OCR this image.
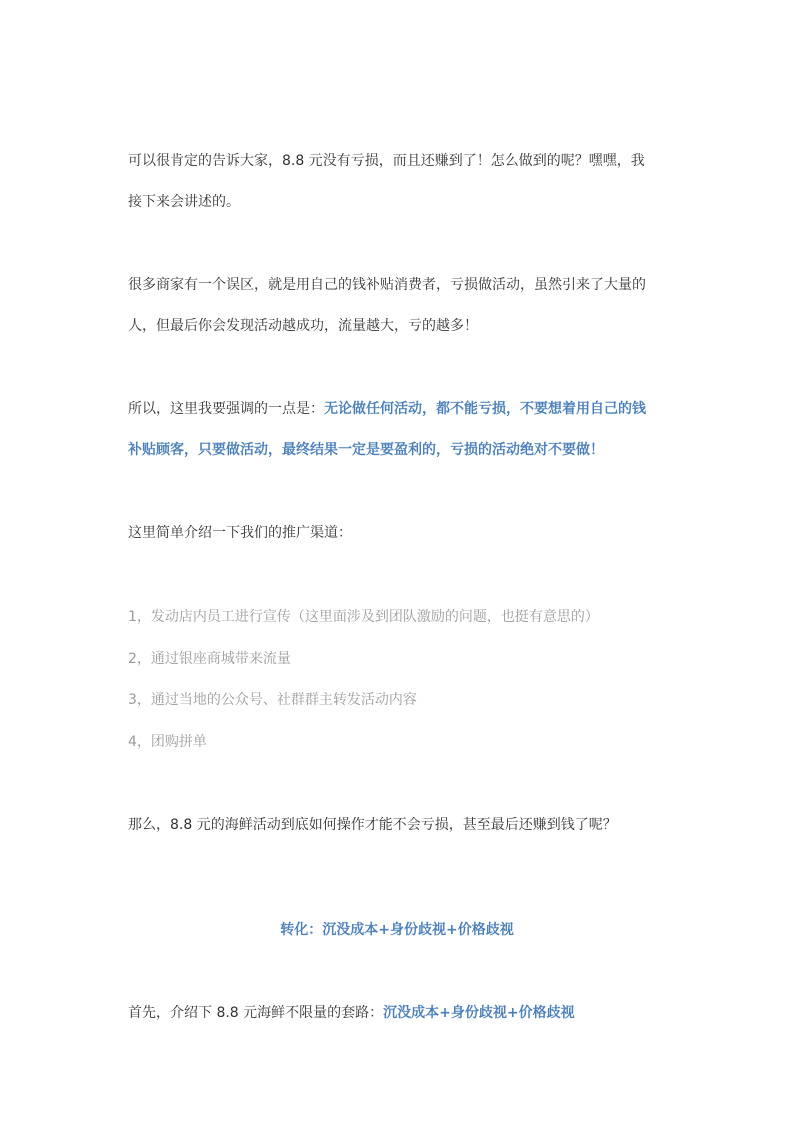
可以很肯定的告诉大家，8.8 元没有亏损，而且还赚到了！怎么做到的呢？嘿嘿，我
接下来会讲述的。
很多商家有一个误区，就是用自己的钱补贴消费者，亏损做活动，虽然引来了大量的
人，但最后你会发现活动越成功，流量越大，亏的越多！
所以，这里我要强调的一点是：无论做任何活动，都不能亏损，不要想着用自己的钱
补贴顾客，只要做活动，最终结果一定是要盈利的，亏损的活动绝对不要做！
这里简单介绍一下我们的推广渠道：
1，发动店内员工进行宣传（这里面涉及到团队激励的问题，也挺有意思的）
2，通过银座商城带来流量
3，通过当地的公众号、社群群主转发活动内容
4，团购拼单
那么，8.8 元的海鲜活动到底如何操作才能不会亏损，甚至最后还赚到钱了呢？
转化：沉没成本+身份歧视+价格歧视
首先，介绍下 8.8 元海鲜不限量的套路：沉没成本+身份歧视+价格歧视
